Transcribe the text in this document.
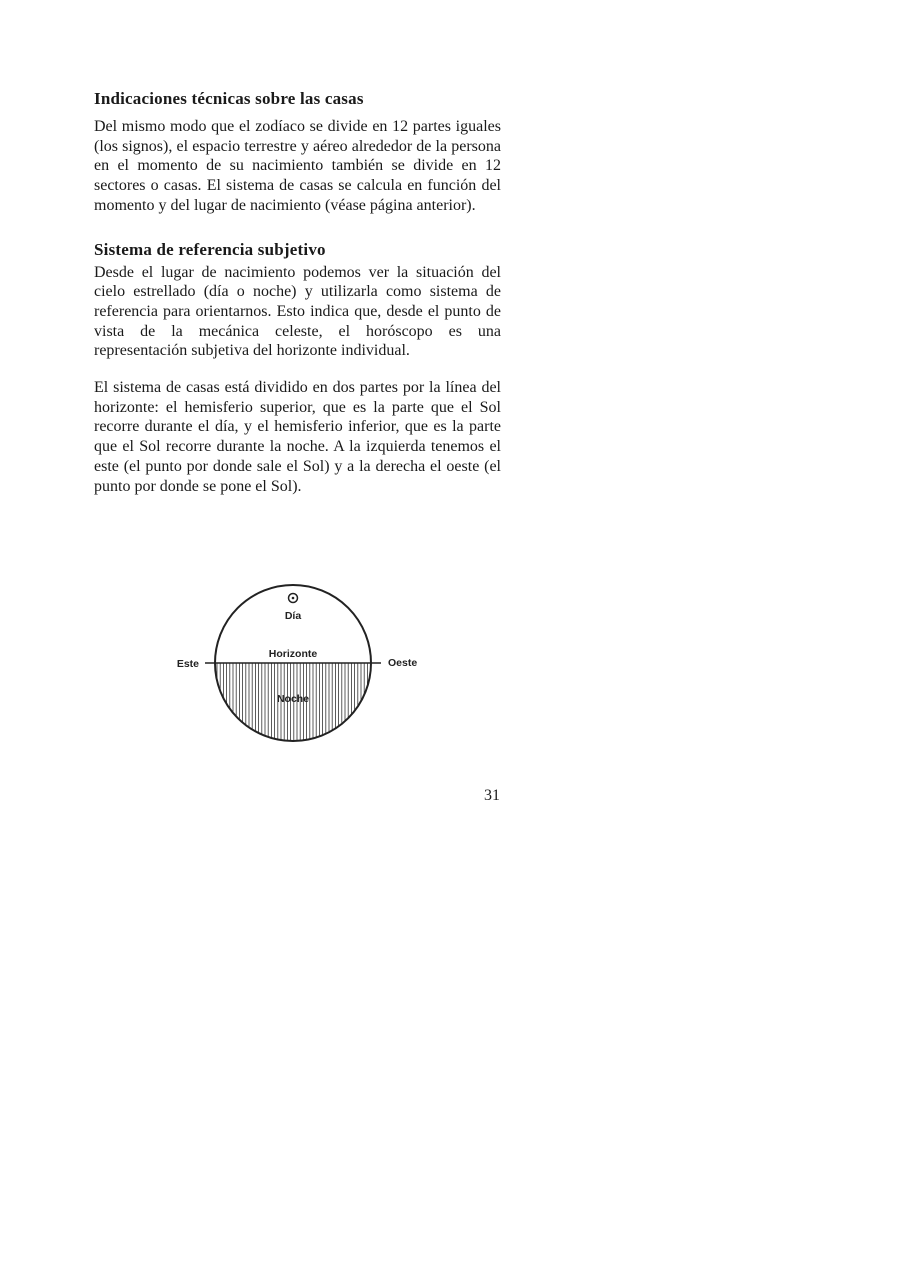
Indicaciones técnicas sobre las casas

Del mismo modo que el zodíaco se divide en 12 partes iguales (los signos), el espacio terrestre y aéreo alrededor de la persona en el momento de su nacimiento también se divide en 12 sectores o casas. El sistema de casas se calcula en función del momento y del lugar de nacimiento (véase página anterior).

Sistema de referencia subjetivo

Desde el lugar de nacimiento podemos ver la situación del cielo estrellado (día o noche) y utilizarla como sistema de referencia para orientarnos. Esto indica que, desde el punto de vista de la mecánica celeste, el horóscopo es una representación subjetiva del horizonte individual.

El sistema de casas está dividido en dos partes por la línea del horizonte: el hemisferio superior, que es la parte que el Sol recorre durante el día, y el hemisferio inferior, que es la parte que el Sol recorre durante la noche. A la izquierda tenemos el este (el punto por donde sale el Sol) y a la derecha el oeste (el punto por donde se pone el Sol).

Día
Horizonte
Este	Oeste
Noche
31
